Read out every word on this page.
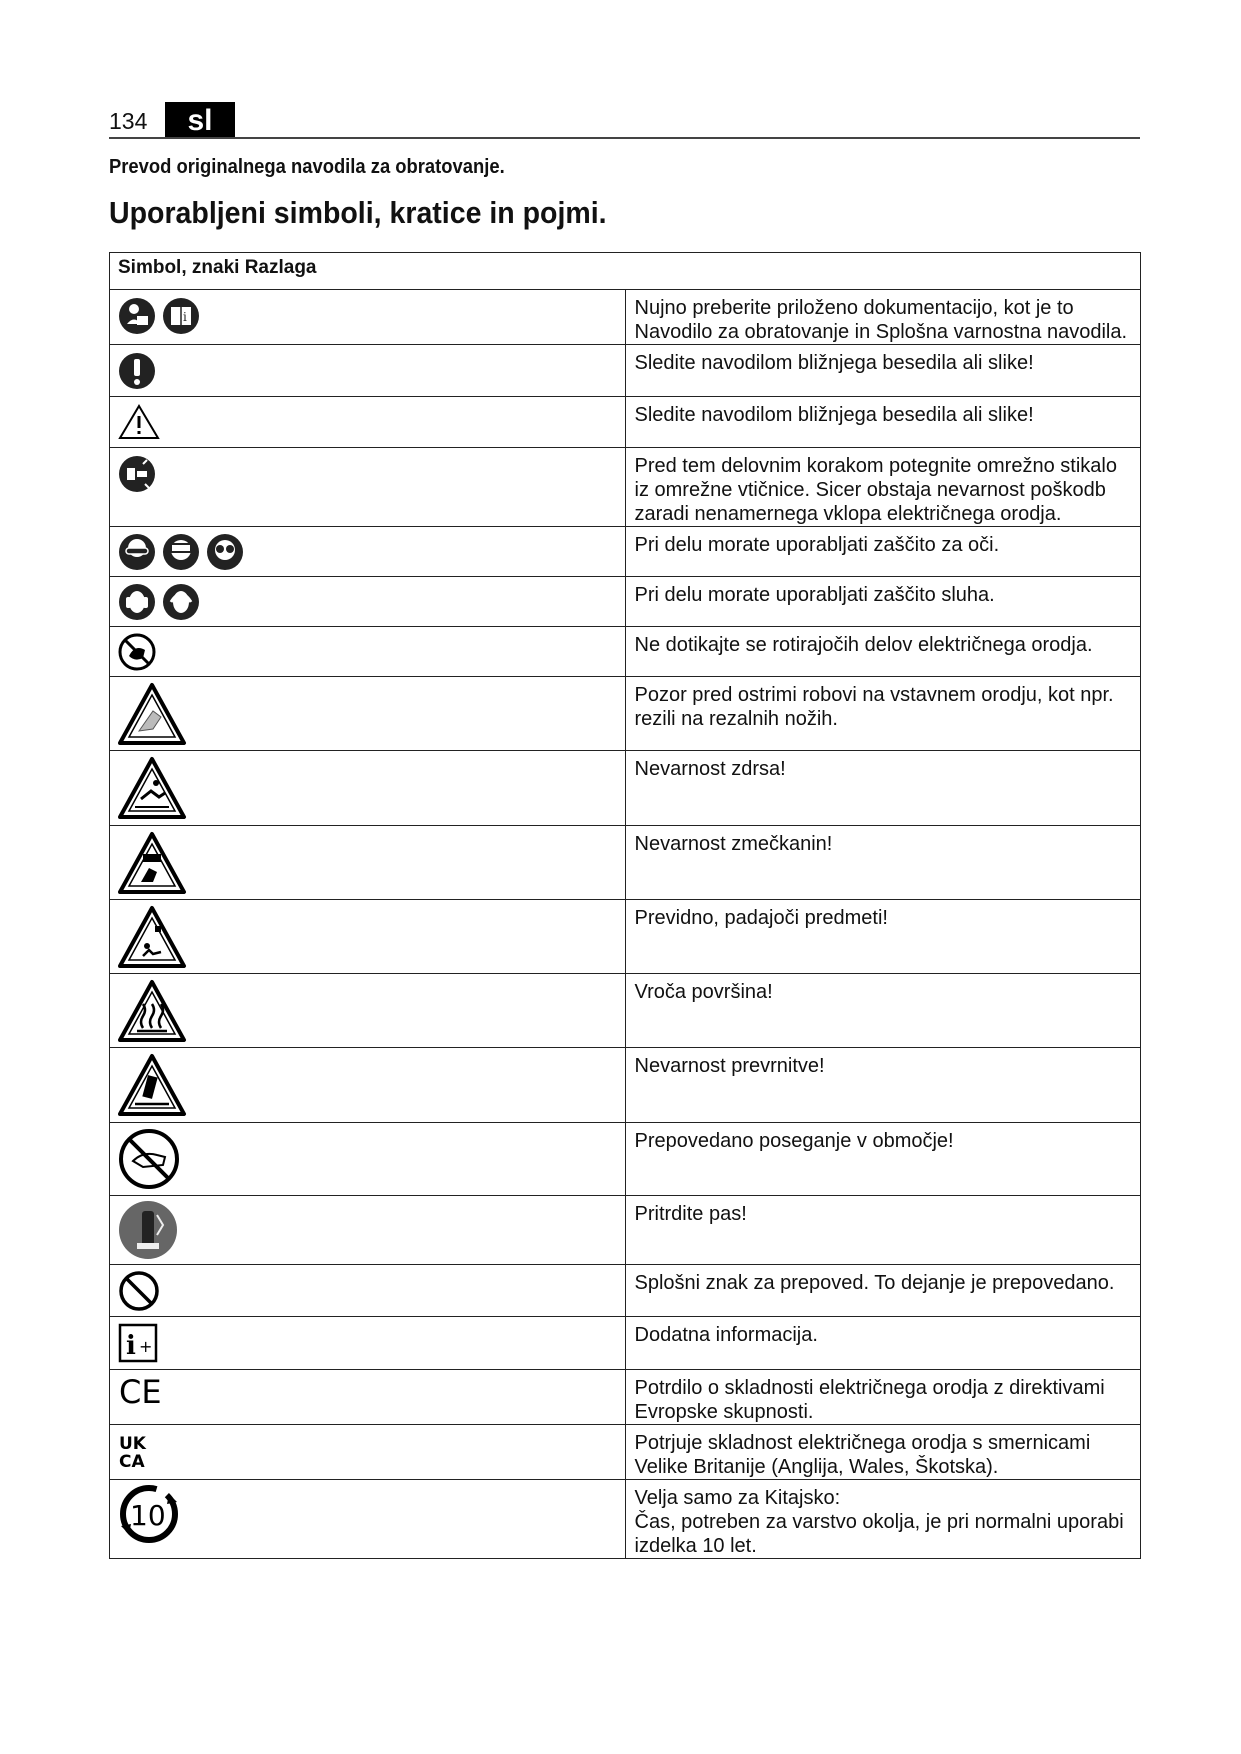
134	sl
Prevod originalnega navodila za obratovanje.
Uporabljeni simboli, kratice in pojmi.
Simbol, znaki Razlaga	

i	Nujno preberite priloženo dokumentacijo, kot je to Navodilo za obratovanje in Splošna varnostna navodila.

Sledite navodilom bližnjega besedila ali slike!

Sledite navodilom bližnjega besedila ali slike!

Pred tem delovnim korakom potegnite omrežno stikalo iz omrežne vtičnice. Sicer obstaja nevarnost poškodb zaradi nenamernega vklopa električnega orodja.

Pri delu morate uporabljati zaščito za oči.

Pri delu morate uporabljati zaščito sluha.

Ne dotikajte se rotirajočih delov električnega orodja.

Pozor pred ostrimi robovi na vstavnem orodju, kot npr. rezili na rezalnih nožih.

Nevarnost zdrsa!

Nevarnost zmečkanin!

Previdno, padajoči predmeti!

Vroča površina!

Nevarnost prevrnitve!

Prepovedano poseganje v območje!

Pritrdite pas!

Splošni znak za prepoved. To dejanje je prepovedano.

i +	Dodatna informacija.

CE	Potrdilo o skladnosti električnega orodja z direktivami Evropske skupnosti.

UK
CA	Potrjuje skladnost električnega orodja s smernicami Velike Britanije (Anglija, Wales, Škotska).

10	Velja samo za Kitajsko:
Čas, potreben za varstvo okolja, je pri normalni uporabi izdelka 10 let.
